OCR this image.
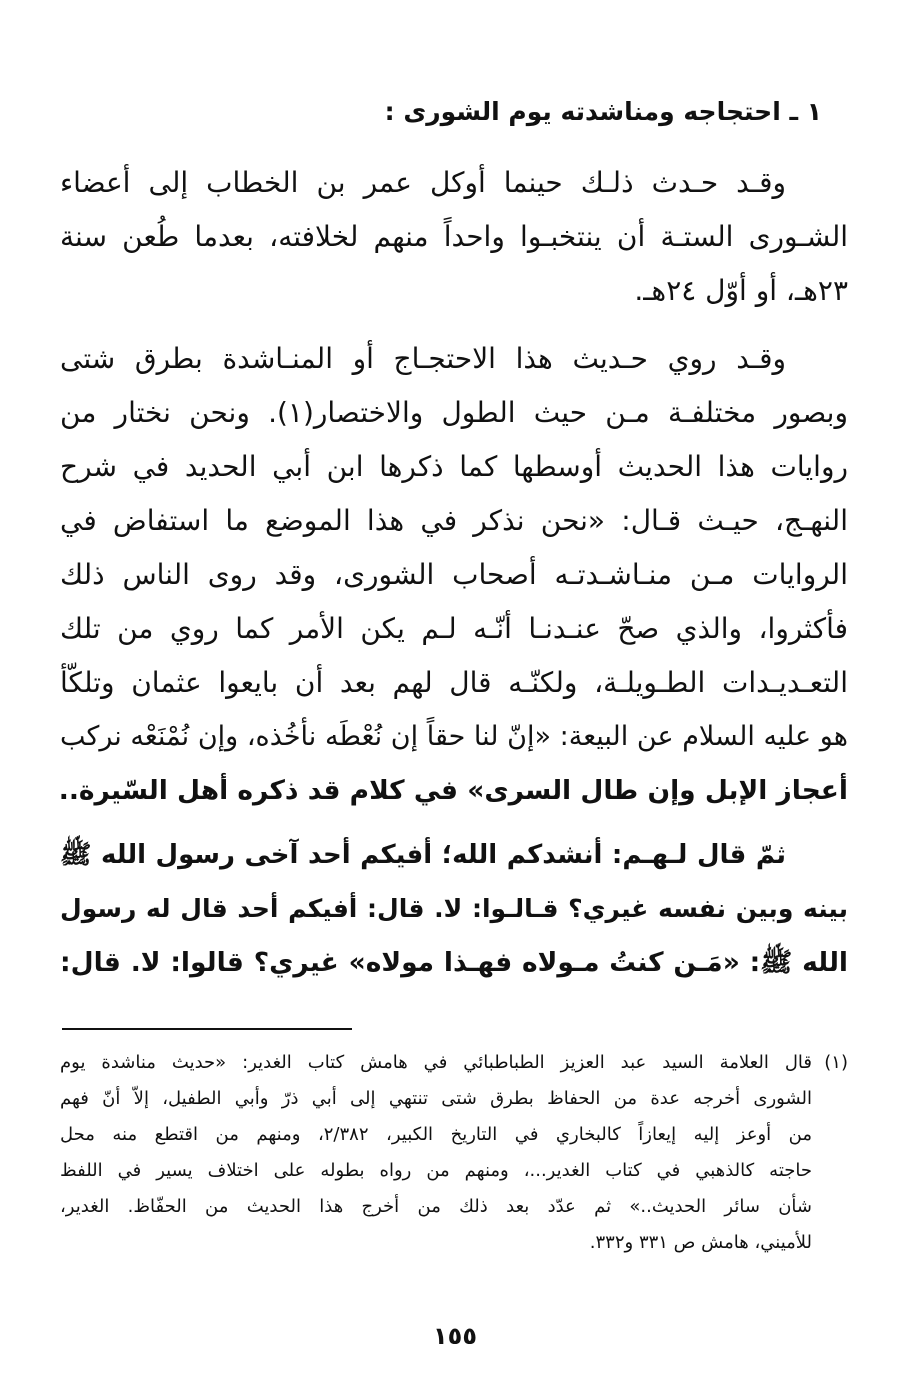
١ ـ احتجاجه ومناشدته يوم الشورى :
وقـد حـدث ذلـك حينما أوكل عمر بن الخطاب إلى أعضاء
الشـورى الستـة أن ينتخبـوا واحداً منهم لخلافته، بعدما طُعن سنة
٢٣هـ، أو أوّل ٢٤هـ.
وقـد روي حـديث هذا الاحتجـاج أو المنـاشدة بطرق شتى
وبصور مختلفـة مـن حيث الطول والاختصار(١). ونحن نختار من
روايات هذا الحديث أوسطها كما ذكرها ابن أبي الحديد في شرح
النهـج، حيـث قـال: «نحن نذكر في هذا الموضع ما استفاض في
الروايات مـن منـاشـدتـه أصحاب الشورى، وقد روى الناس ذلك
فأكثروا، والذي صحّ عنـدنـا أنّـه لـم يكن الأمر كما روي من تلك
التعـديـدات الطـويلـة، ولكنّـه قال لهم بعد أن بايعوا عثمان وتلكّأ
هو عليه السلام عن البيعة: «إنّ لنا حقاً إن نُعْطَه نأخُذه، وإن نُمْنَعْه نركب
أعجاز الإبل وإن طال السرى» في كلام قد ذكره أهل السّيرة..
ثمّ قال لـهـم: أنشدكم الله؛ أفيكم أحد آخى رسول الله ﷺ
بينه وبين نفسه غيري؟ قـالـوا: لا. قال: أفيكم أحد قال له رسول
الله ﷺ: «مَـن كنتُ مـولاه فهـذا مولاه» غيري؟ قالوا: لا. قال:
(١)
قال العلامة السيد عبد العزيز الطباطبائي في هامش كتاب الغدير: «حديث مناشدة يوم
الشورى أخرجه عدة من الحفاظ بطرق شتى تنتهي إلى أبي ذرّ وأبي الطفيل، إلاّ أنّ فهم
من أوعز إليه إيعازاً كالبخاري في التاريخ الكبير، ٢/٣٨٢، ومنهم من اقتطع منه محل
حاجته كالذهبي في كتاب الغدير...، ومنهم من رواه بطوله على اختلاف يسير في اللفظ
شأن سائر الحديث..» ثم عدّد بعد ذلك من أخرج هذا الحديث من الحفّاظ. الغدير،
للأميني، هامش ص ٣٣١ و٣٣٢.
١٥٥
